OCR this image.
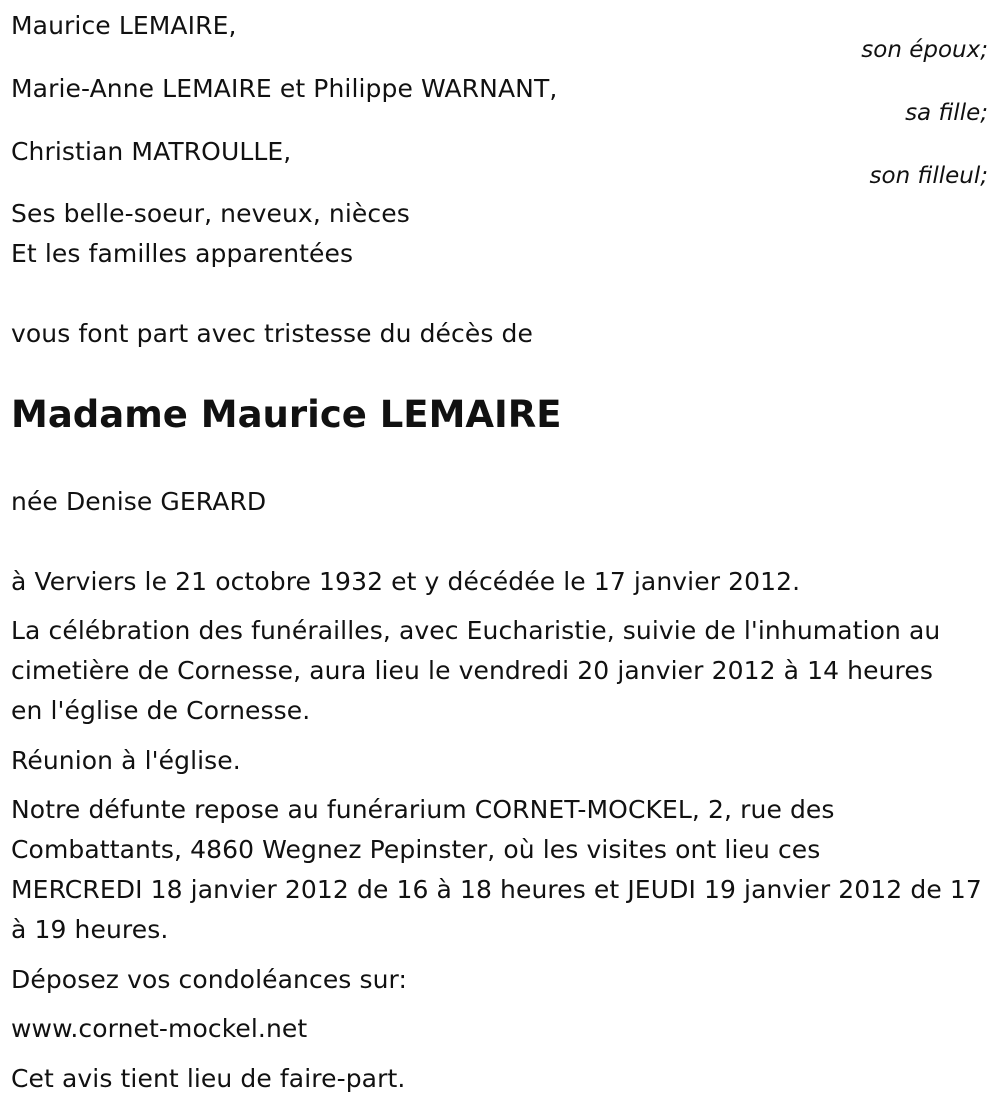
Maurice LEMAIRE,
son époux;
Marie-Anne LEMAIRE et Philippe WARNANT,
sa fille;
Christian MATROULLE,
son filleul;
Ses belle-soeur, neveux, nièces
Et les familles apparentées
vous font part avec tristesse du décès de
Madame Maurice LEMAIRE
née Denise GERARD
à Verviers le 21 octobre 1932 et y décédée le 17 janvier 2012.
La célébration des funérailles, avec Eucharistie, suivie de l'inhumation au
cimetière de Cornesse, aura lieu le vendredi 20 janvier 2012 à 14 heures
en l'église de Cornesse.
Réunion à l'église.
Notre défunte repose au funérarium CORNET-MOCKEL, 2, rue des
Combattants, 4860 Wegnez Pepinster, où les visites ont lieu ces
MERCREDI 18 janvier 2012 de 16 à 18 heures et JEUDI 19 janvier 2012 de 17
à 19 heures.
Déposez vos condoléances sur:
www.cornet-mockel.net
Cet avis tient lieu de faire-part.
